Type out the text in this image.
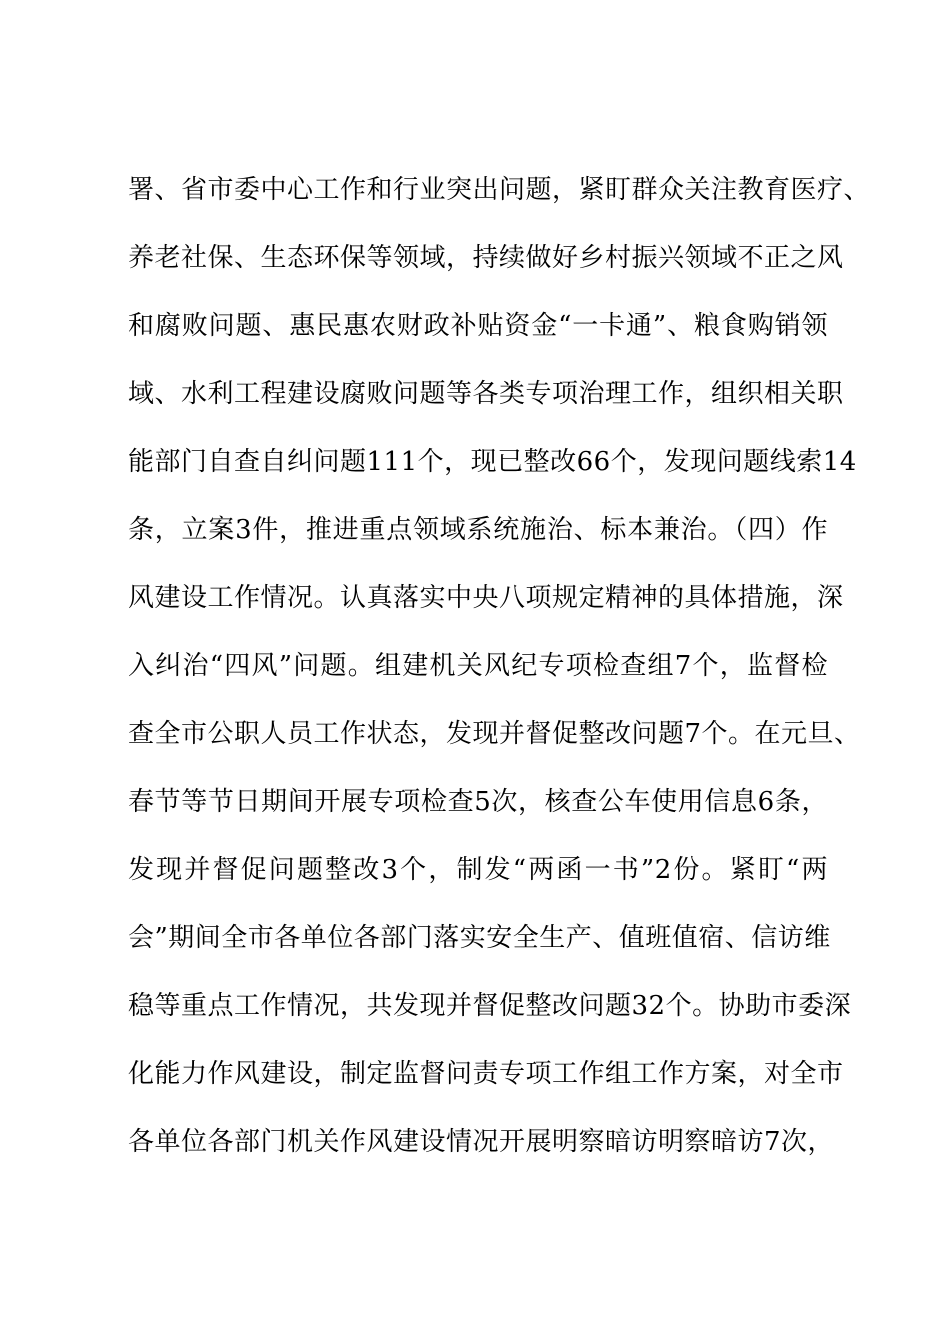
署、省市委中心工作和行业突出问题，紧盯群众关注教育医疗、
养老社保、生态环保等领域，持续做好乡村振兴领域不正之风
和腐败问题、惠民惠农财政补贴资金“一卡通”、粮食购销领
域、水利工程建设腐败问题等各类专项治理工作，组织相关职
能部门自查自纠问题111个，现已整改66个，发现问题线索14
条，立案3件，推进重点领域系统施治、标本兼治。（四）作
风建设工作情况。认真落实中央八项规定精神的具体措施，深
入纠治“四风”问题。组建机关风纪专项检查组7个，监督检
查全市公职人员工作状态，发现并督促整改问题7个。在元旦、
春节等节日期间开展专项检查5次，核查公车使用信息6条，
发现并督促问题整改3个，制发“两函一书”2份。紧盯“两
会”期间全市各单位各部门落实安全生产、值班值宿、信访维
稳等重点工作情况，共发现并督促整改问题32个。协助市委深
化能力作风建设，制定监督问责专项工作组工作方案，对全市
各单位各部门机关作风建设情况开展明察暗访明察暗访7次，
